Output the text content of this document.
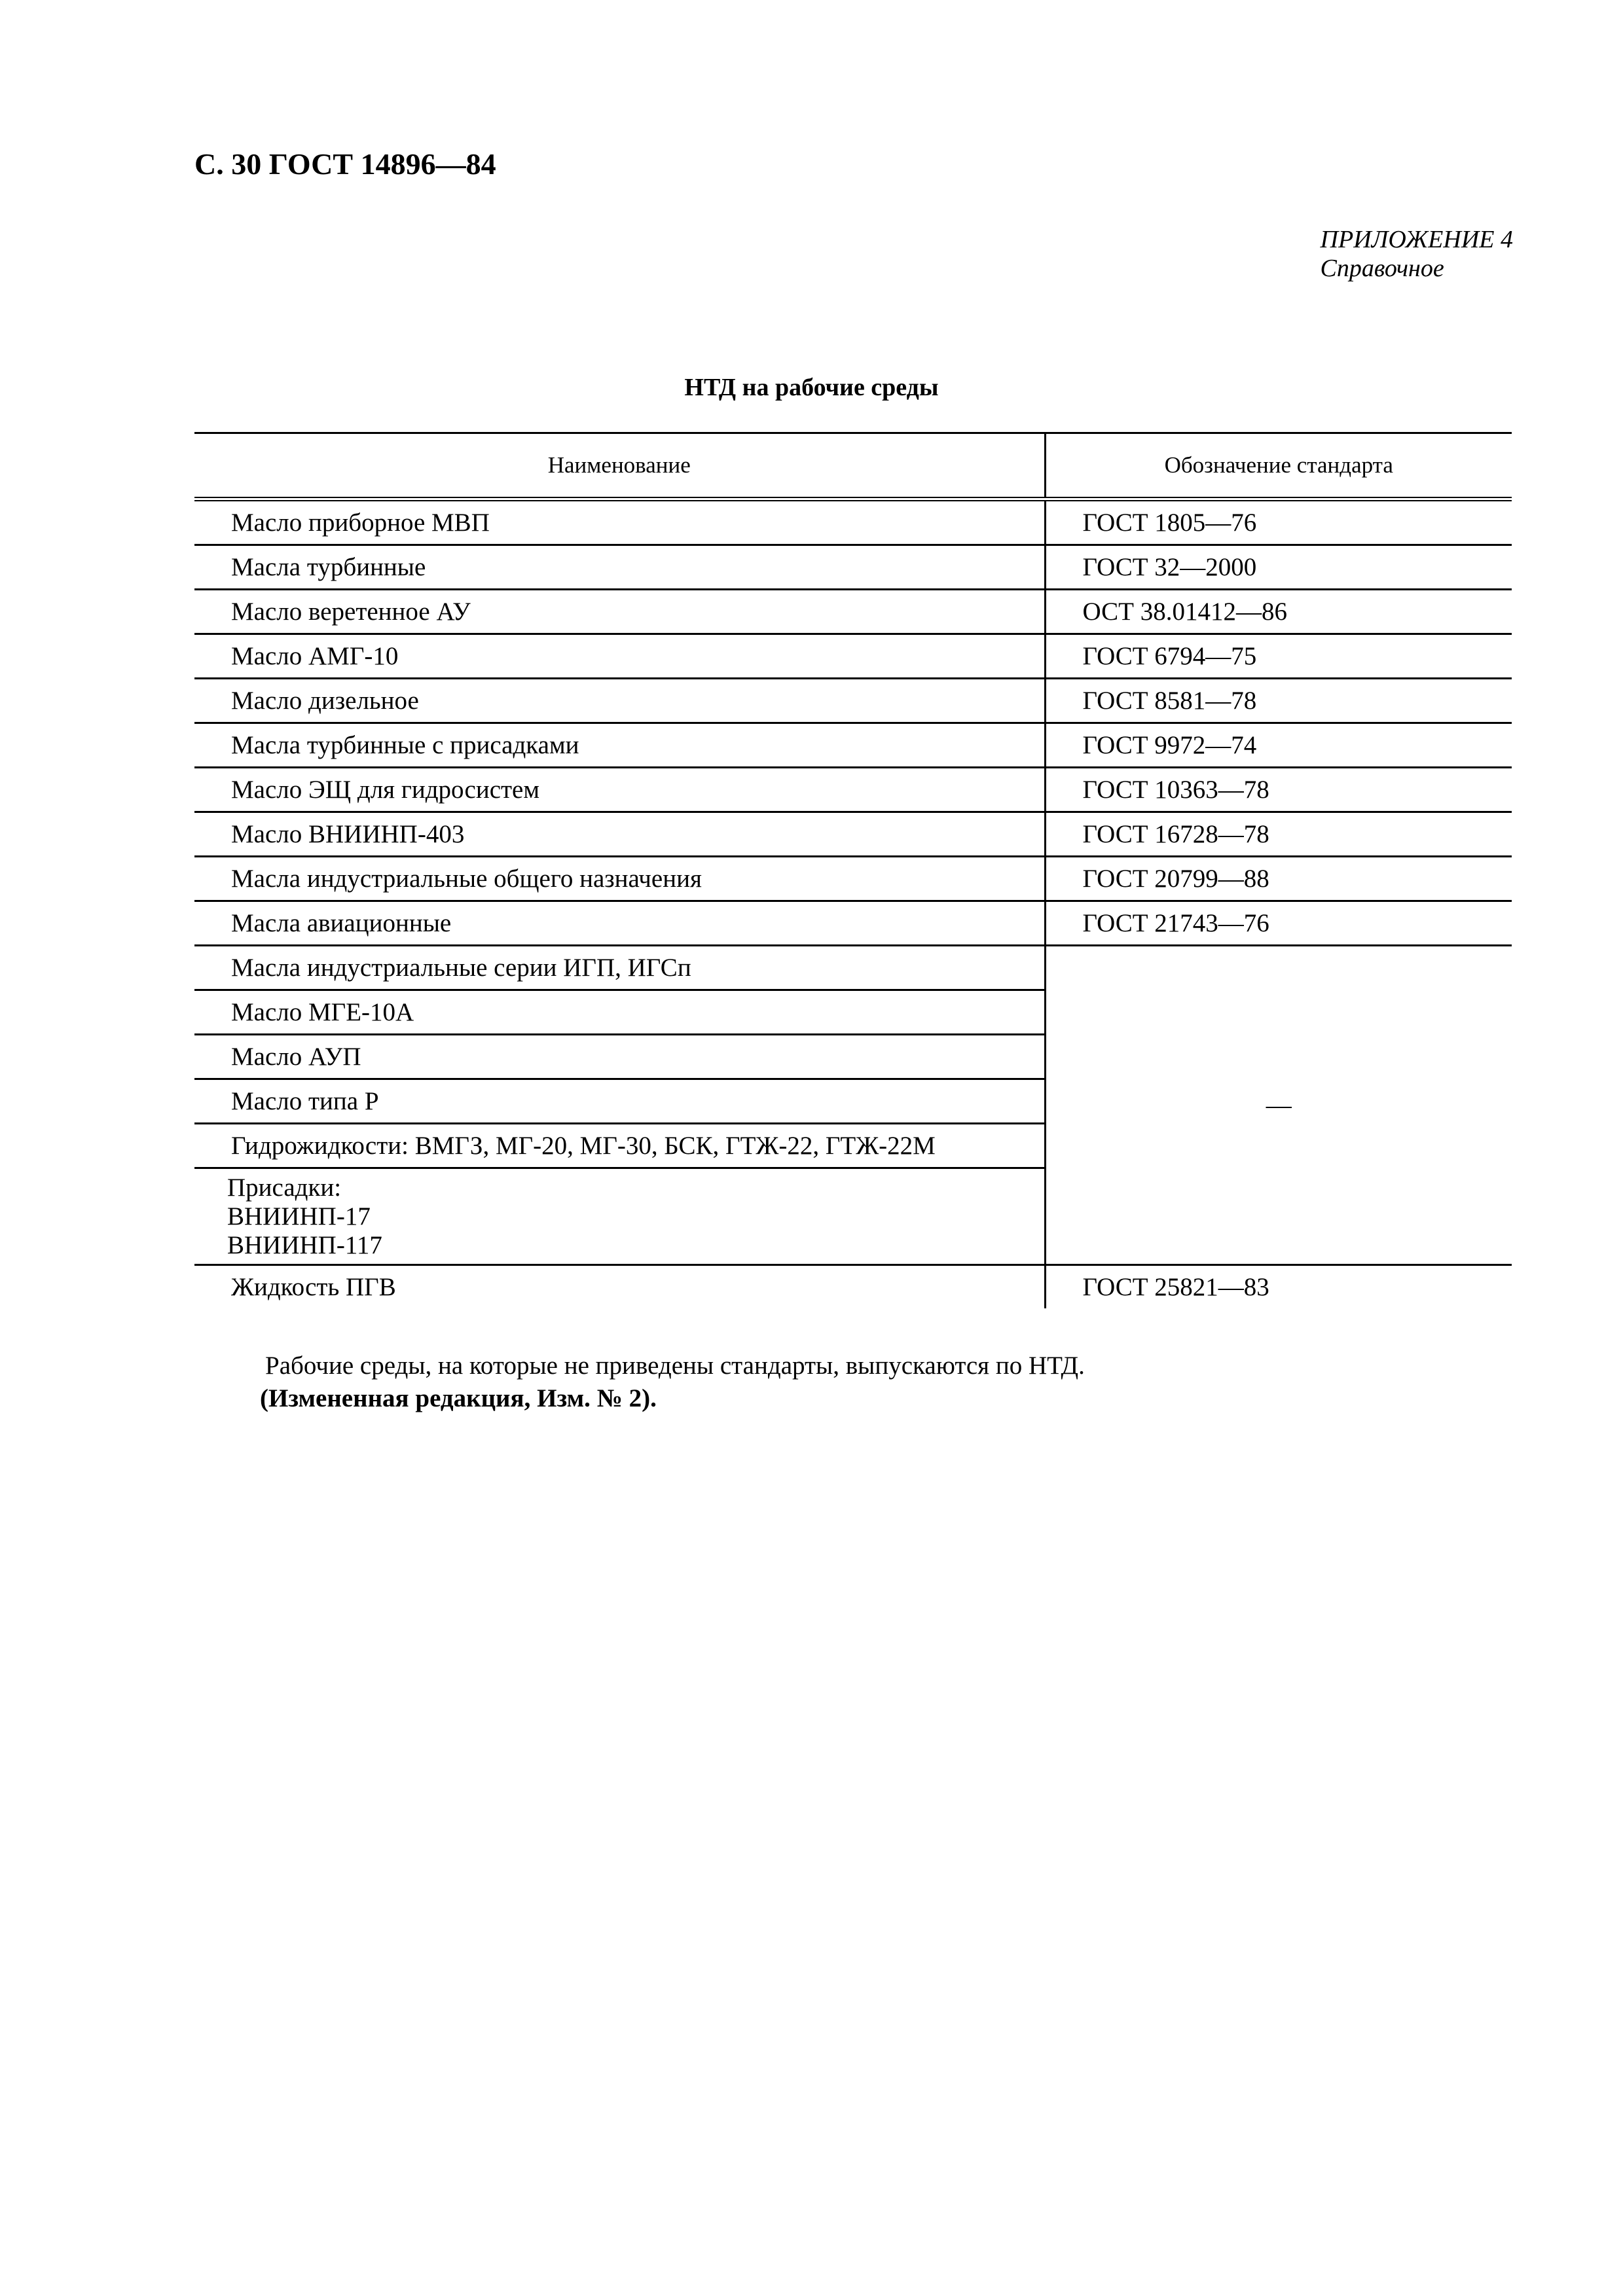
С. 30 ГОСТ 14896—84
ПРИЛОЖЕНИЕ 4
Справочное
НТД на рабочие среды
Наименование	Обозначение стандарта
Масло приборное МВП	ГОСТ 1805—76
Масла турбинные	ГОСТ 32—2000
Масло веретенное АУ	ОСТ 38.01412—86
Масло АМГ-10	ГОСТ 6794—75
Масло дизельное	ГОСТ 8581—78
Масла турбинные с присадками	ГОСТ 9972—74
Масло ЭЩ для гидросистем	ГОСТ 10363—78
Масло ВНИИНП-403	ГОСТ 16728—78
Масла индустриальные общего назначения	ГОСТ 20799—88
Масла авиационные	ГОСТ 21743—76
Масла индустриальные серии ИГП, ИГСп	—
Масло МГЕ-10А	
Масло АУП	
Масло типа Р	
Гидрожидкости: ВМГЗ, МГ-20, МГ-30, БСК, ГТЖ-22, ГТЖ-22М	

Присадки:
ВНИИНП-17
ВНИИНП-117	

Жидкость ПГВ	ГОСТ 25821—83
Рабочие среды, на которые не приведены стандарты, выпускаются по НТД.
(Измененная редакция, Изм. № 2).
